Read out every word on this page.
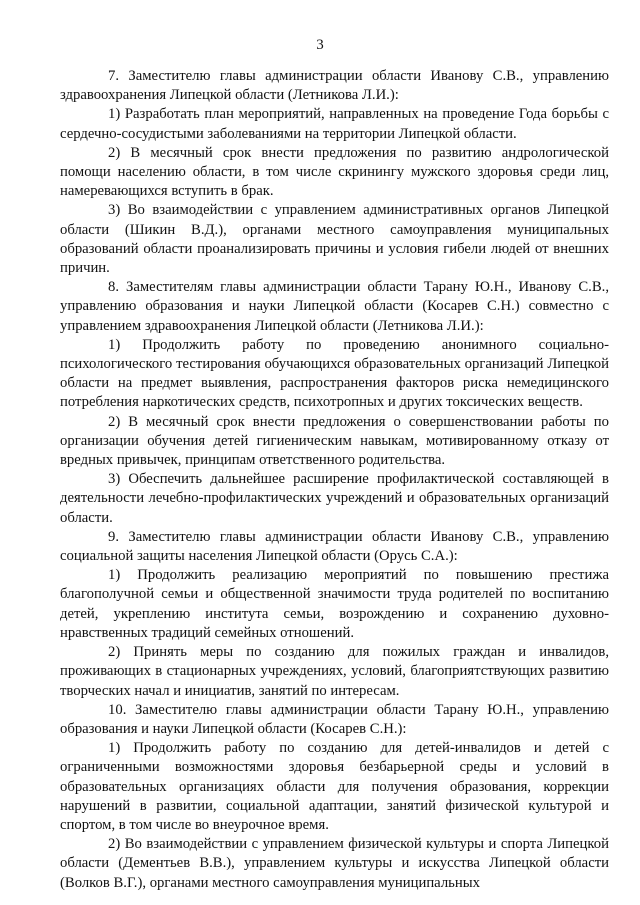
3

7. Заместителю главы администрации области Иванову С.В., управлению здравоохранения Липецкой области (Летникова Л.И.):

1) Разработать план мероприятий, направленных на проведение Года борьбы с сердечно-сосудистыми заболеваниями на территории Липецкой области.

2) В месячный срок внести предложения по развитию андрологической помощи населению области, в том числе скринингу мужского здоровья среди лиц, намеревающихся вступить в брак.

3) Во взаимодействии с управлением административных органов Липецкой области (Шикин В.Д.), органами местного самоуправления муниципальных образований области проанализировать причины и условия гибели людей от внешних причин.

8. Заместителям главы администрации области Тарану Ю.Н., Иванову С.В., управлению образования и науки Липецкой области (Косарев С.Н.) совместно с управлением здравоохранения Липецкой области (Летникова Л.И.):

1) Продолжить работу по проведению анонимного социально-психологического тестирования обучающихся образовательных организаций Липецкой области на предмет выявления, распространения факторов риска немедицинского потребления наркотических средств, психотропных и других токсических веществ.

2) В месячный срок внести предложения о совершенствовании работы по организации обучения детей гигиеническим навыкам, мотивированному отказу от вредных привычек, принципам ответственного родительства.

3) Обеспечить дальнейшее расширение профилактической составляющей в деятельности лечебно-профилактических учреждений и образовательных организаций области.

9. Заместителю главы администрации области Иванову С.В., управлению социальной защиты населения Липецкой области (Орусь С.А.):

1) Продолжить реализацию мероприятий по повышению престижа благополучной семьи и общественной значимости труда родителей по воспитанию детей, укреплению института семьи, возрождению и сохранению духовно-нравственных традиций семейных отношений.

2) Принять меры по созданию для пожилых граждан и инвалидов, проживающих в стационарных учреждениях, условий, благоприятствующих развитию творческих начал и инициатив, занятий по интересам.

10. Заместителю главы администрации области Тарану Ю.Н., управлению образования и науки Липецкой области (Косарев С.Н.):

1) Продолжить работу по созданию для детей-инвалидов и детей с ограниченными возможностями здоровья безбарьерной среды и условий в образовательных организациях области для получения образования, коррекции нарушений в развитии, социальной адаптации, занятий физической культурой и спортом, в том числе во внеурочное время.

2) Во взаимодействии с управлением физической культуры и спорта Липецкой области (Дементьев В.В.), управлением культуры и искусства Липецкой области (Волков В.Г.), органами местного самоуправления муниципальных
